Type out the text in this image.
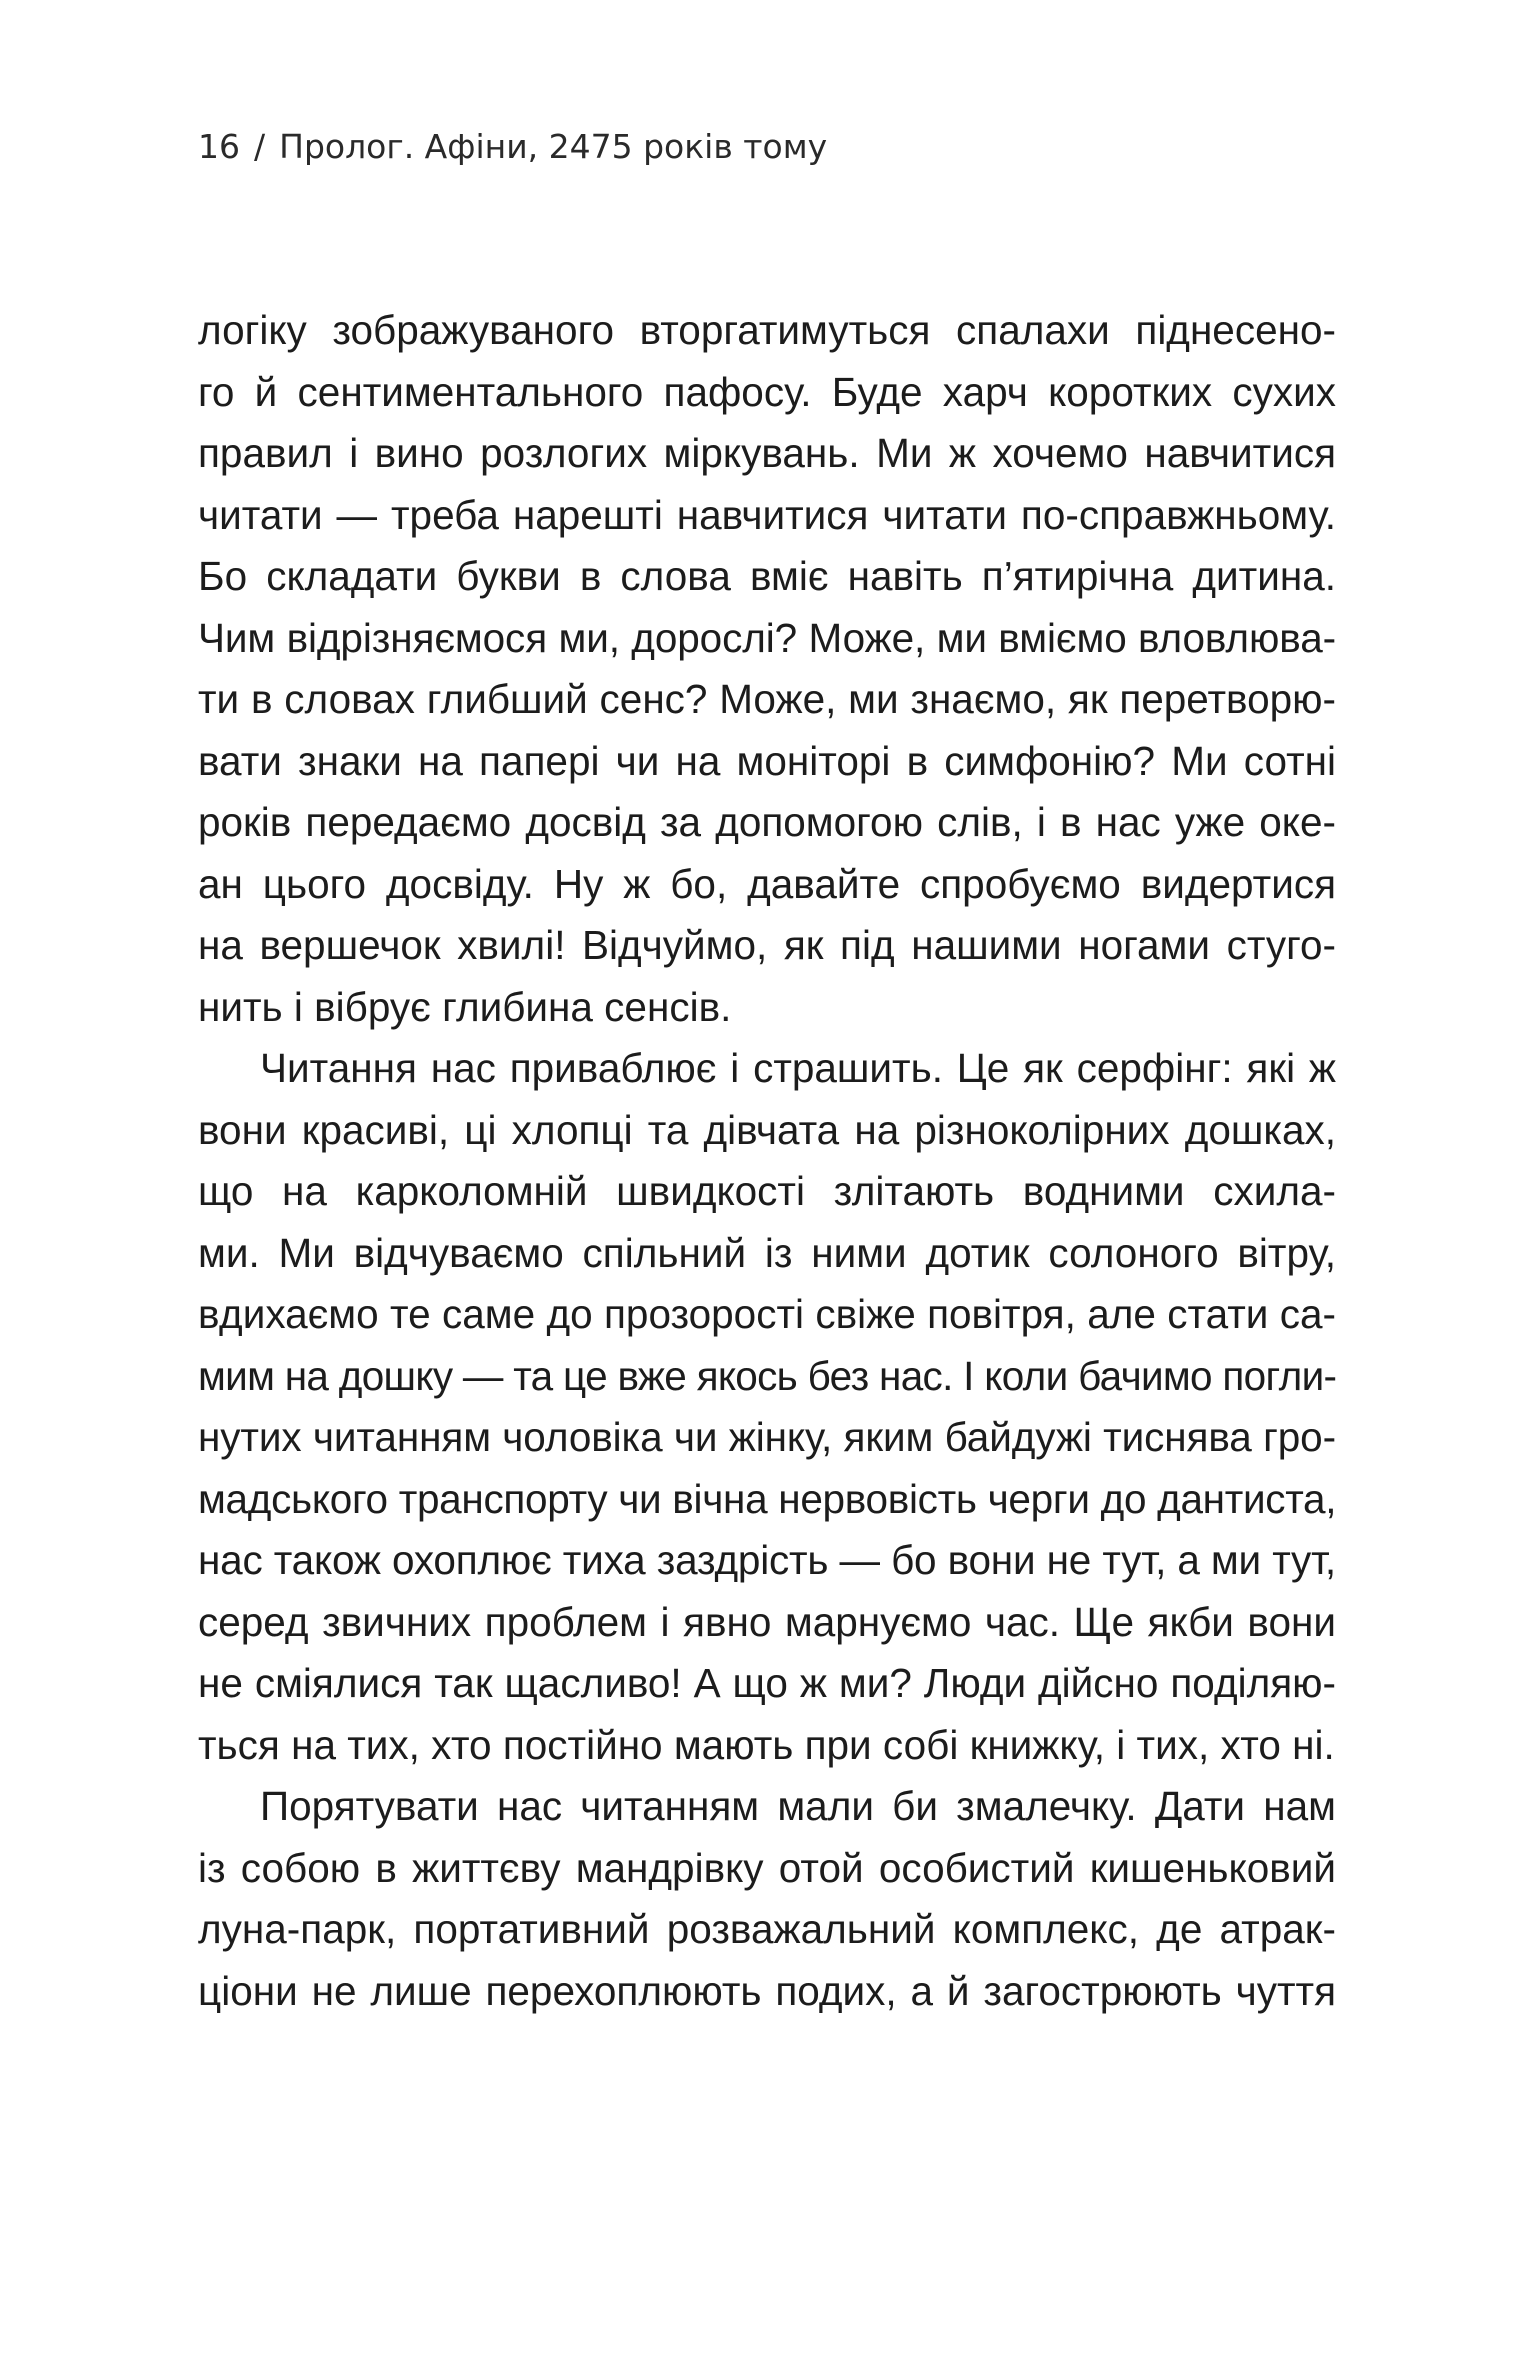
16 / Пролог. Афіни, 2475 років тому

логіку зображуваного вторгатимуться спалахи піднесено-
го й сентиментального пафосу. Буде харч коротких сухих
правил і вино розлогих міркувань. Ми ж хочемо навчитися
читати — треба нарешті навчитися читати по-справжньому.
Бо складати букви в слова вміє навіть п’ятирічна дитина.
Чим відрізняємося ми, дорослі? Може, ми вміємо вловлюва-
ти в словах глибший сенс? Може, ми знаємо, як перетворю-
вати знаки на папері чи на моніторі в симфонію? Ми сотні
років передаємо досвід за допомогою слів, і в нас уже оке-
ан цього досвіду. Ну ж бо, давайте спробуємо видертися
на вершечок хвилі! Відчуймо, як під нашими ногами стуго-
нить і вібрує глибина сенсів.

Читання нас приваблює і страшить. Це як серфінг: які ж
вони красиві, ці хлопці та дівчата на різноколірних дошках,
що на карколомній швидкості злітають водними схила-
ми. Ми відчуваємо спільний із ними дотик солоного вітру,
вдихаємо те саме до прозорості свіже повітря, але стати са-
мим на дошку — та це вже якось без нас. І коли бачимо погли-
нутих читанням чоловіка чи жінку, яким байдужі тиснява гро-
мадського транспорту чи вічна нервовість черги до дантиста,
нас також охоплює тиха заздрість — бо вони не тут, а ми тут,
серед звичних проблем і явно марнуємо час. Ще якби вони
не сміялися так щасливо! А що ж ми? Люди дійсно поділяю-
ться на тих, хто постійно мають при собі книжку, і тих, хто ні.

Порятувати нас читанням мали би змалечку. Дати нам
із собою в життєву мандрівку отой особистий кишеньковий
луна-парк, портативний розважальний комплекс, де атрак-
ціони не лише перехоплюють подих, а й загострюють чуття
